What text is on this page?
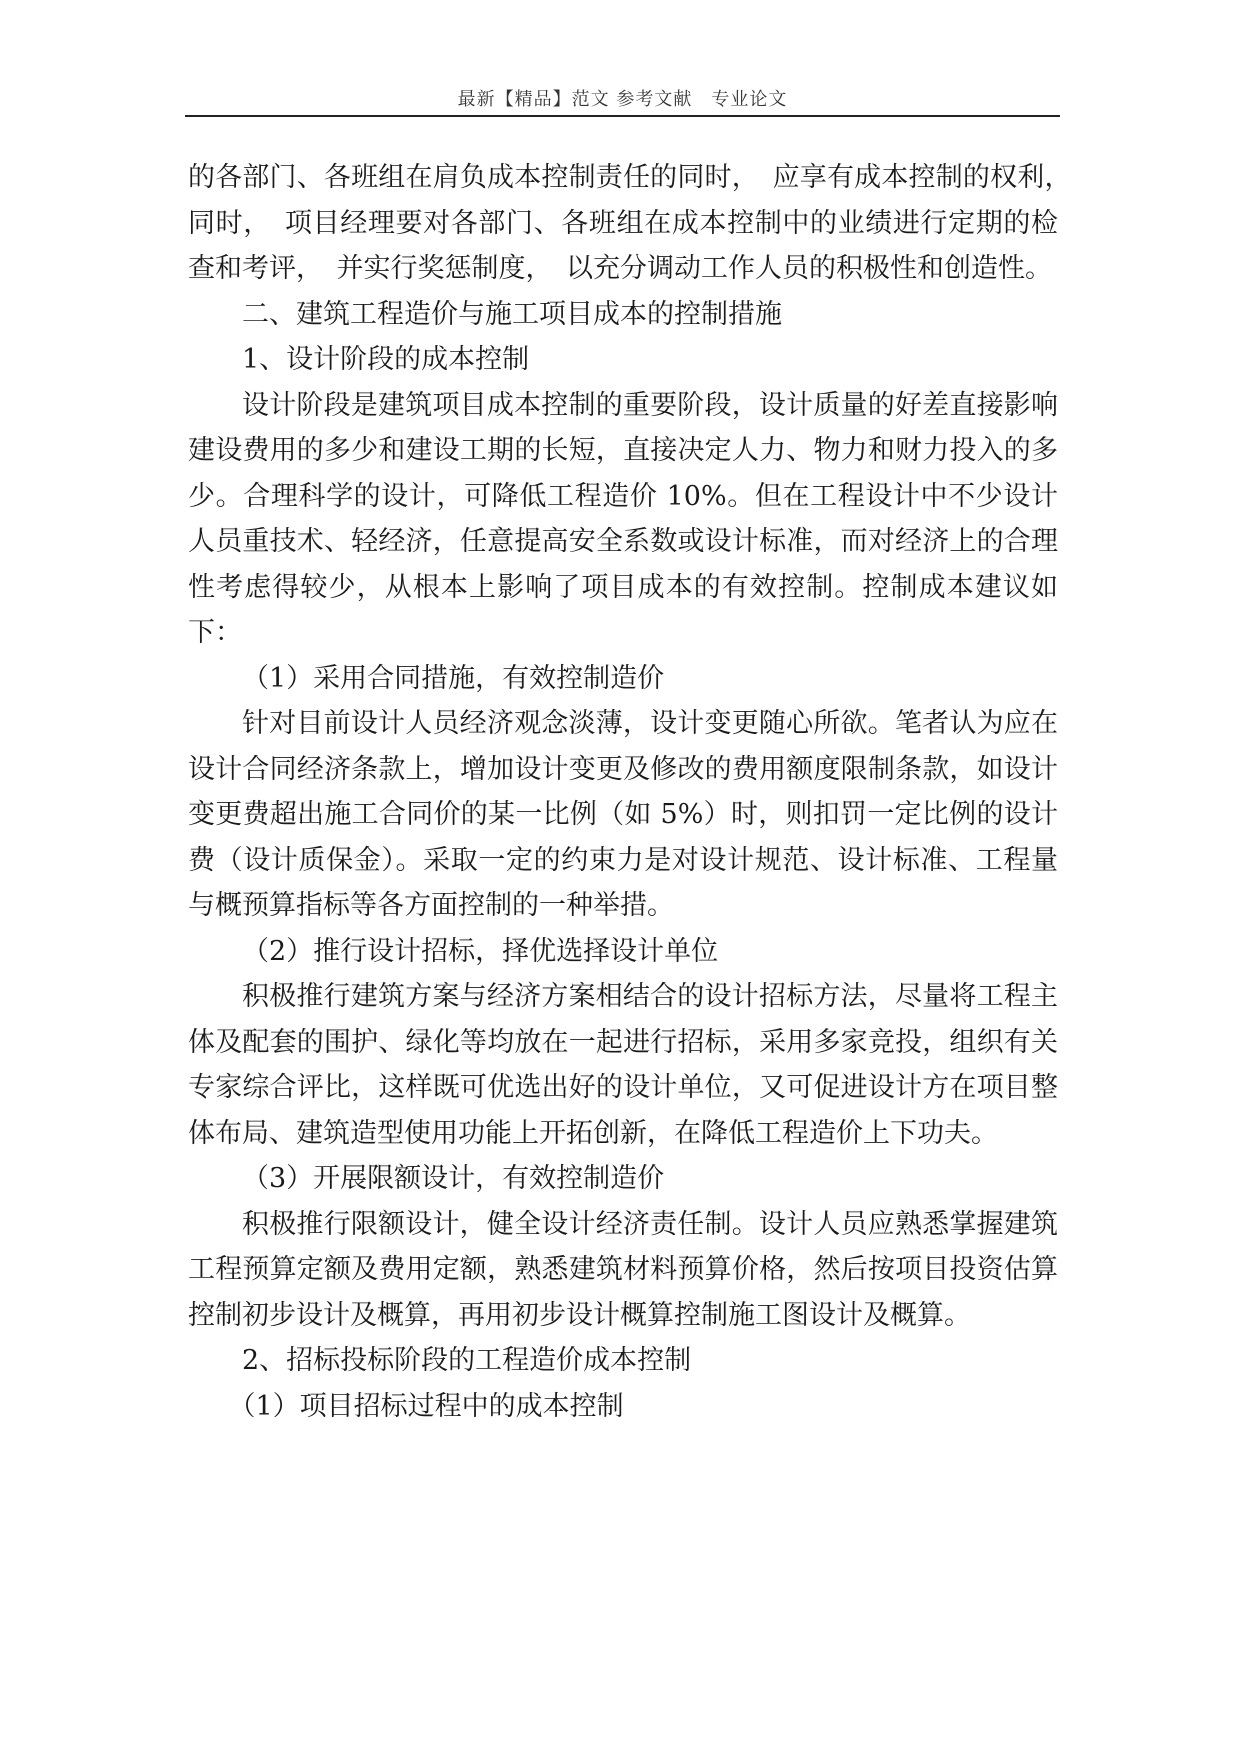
最新【精品】范文 参考文献　专业论文

的各部门、各班组在肩负成本控制责任的同时，　应享有成本控制的权利，　同时，　项目经理要对各部门、各班组在成本控制中的业绩进行定期的检查和考评，　并实行奖惩制度，　以充分调动工作人员的积极性和创造性。

二、建筑工程造价与施工项目成本的控制措施

1、设计阶段的成本控制

设计阶段是建筑项目成本控制的重要阶段，设计质量的好差直接影响建设费用的多少和建设工期的长短，直接决定人力、物力和财力投入的多少。合理科学的设计，可降低工程造价 10%。但在工程设计中不少设计人员重技术、轻经济，任意提高安全系数或设计标准，而对经济上的合理性考虑得较少，从根本上影响了项目成本的有效控制。控制成本建议如下：

（1）采用合同措施，有效控制造价

针对目前设计人员经济观念淡薄，设计变更随心所欲。笔者认为应在设计合同经济条款上，增加设计变更及修改的费用额度限制条款，如设计变更费超出施工合同价的某一比例（如 5%）时，则扣罚一定比例的设计费（设计质保金）。采取一定的约束力是对设计规范、设计标准、工程量与概预算指标等各方面控制的一种举措。

（2）推行设计招标，择优选择设计单位

积极推行建筑方案与经济方案相结合的设计招标方法，尽量将工程主体及配套的围护、绿化等均放在一起进行招标，采用多家竞投，组织有关专家综合评比，这样既可优选出好的设计单位，又可促进设计方在项目整体布局、建筑造型使用功能上开拓创新，在降低工程造价上下功夫。

（3）开展限额设计，有效控制造价

积极推行限额设计，健全设计经济责任制。设计人员应熟悉掌握建筑工程预算定额及费用定额，熟悉建筑材料预算价格，然后按项目投资估算控制初步设计及概算，再用初步设计概算控制施工图设计及概算。

2、招标投标阶段的工程造价成本控制

（1）项目招标过程中的成本控制
